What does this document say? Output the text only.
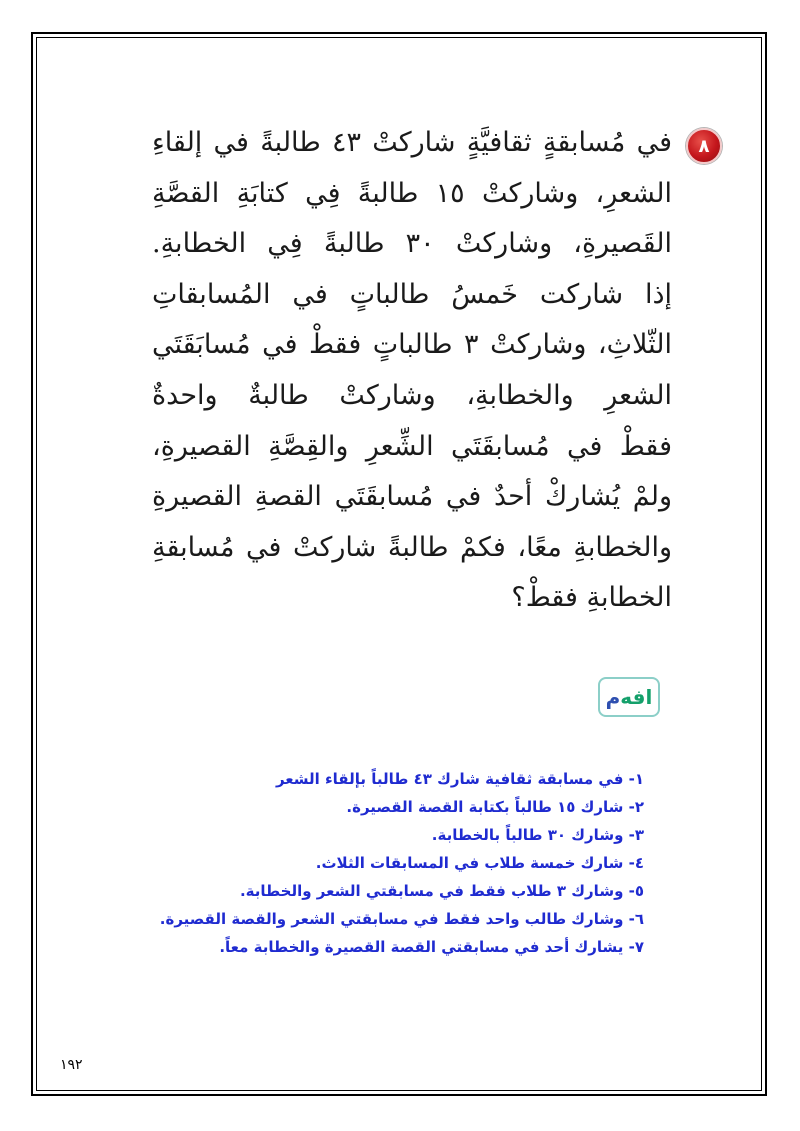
٨
في مُسابقةٍ ثقافيَّةٍ شاركتْ ٤٣ طالبةً في إلقاءِ
الشعرِ، وشاركتْ ١٥ طالبةً فِي كتابَةِ القصَّةِ
القَصيرةِ، وشاركتْ ٣٠ طالبةً فِي الخطابةِ.
إذا شاركت خَمسُ طالباتٍ في المُسابقاتِ
الثّلاثِ، وشاركتْ ٣ طالباتٍ فقطْ في مُسابَقَتَي
الشعرِ والخطابةِ، وشاركتْ طالبةٌ واحدةٌ
فقطْ في مُسابقَتَي الشِّعرِ والقِصَّةِ القصيرةِ،
ولمْ يُشاركْ أحدٌ في مُسابقَتَي القصةِ القصيرةِ
والخطابةِ معًا، فكمْ طالبةً شاركتْ في مُسابقةِ
الخطابةِ فقطْ؟
افه
م
١- في مسابقة ثقافية شارك ٤٣ طالباً بإلقاء الشعر
٢- شارك ١٥ طالباً بكتابة القصة القصيرة.
٣- وشارك ٣٠ طالباً بالخطابة.
٤- شارك خمسة طلاب في المسابقات الثلاث.
٥- وشارك ٣ طلاب فقط في مسابقتي الشعر والخطابة.
٦- وشارك طالب واحد فقط في مسابقتي الشعر والقصة القصيرة.
٧- يشارك أحد في مسابقتي القصة القصيرة والخطابة معاً.
١٩٢
